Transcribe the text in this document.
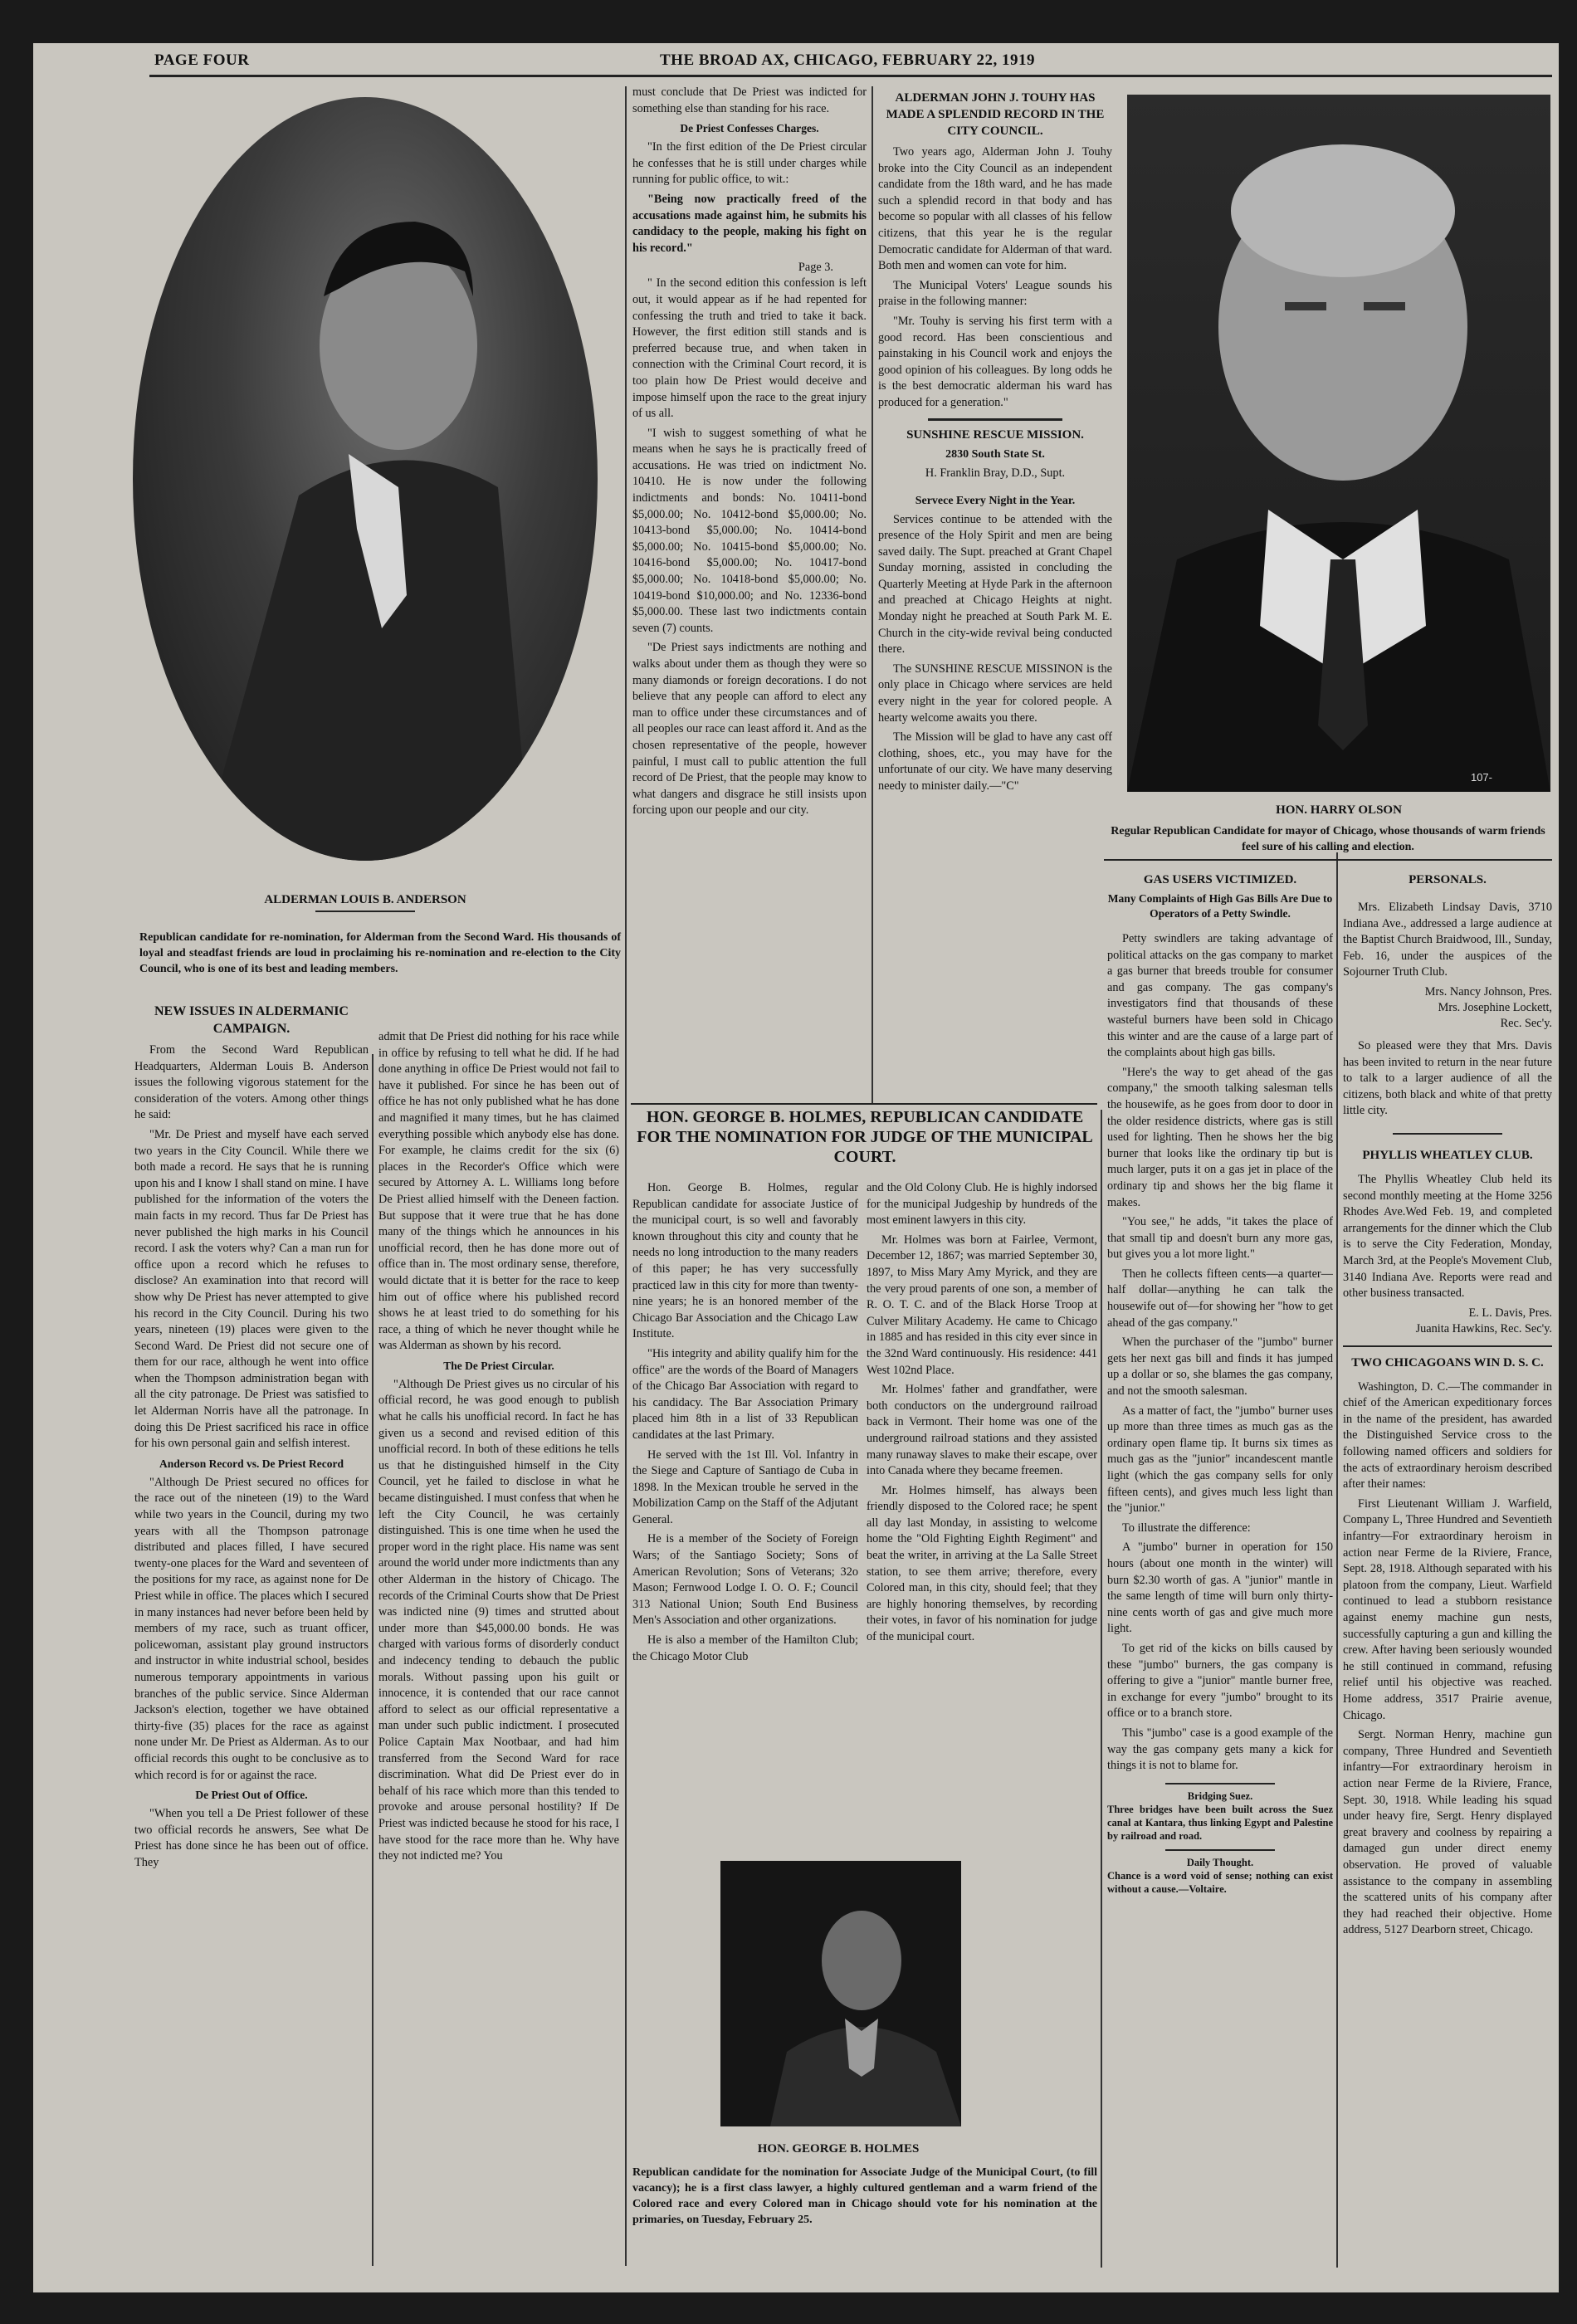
PAGE FOUR	THE BROAD AX, CHICAGO, FEBRUARY 22, 1919
ALDERMAN LOUIS B. ANDERSON
Republican candidate for re-nomination, for Alderman from the Second Ward. His thousands of loyal and steadfast friends are loud in proclaiming his re-nomination and re-election to the City Council, who is one of its best and leading members.
NEW ISSUES IN ALDERMANIC CAMPAIGN.

From the Second Ward Republican Headquarters, Alderman Louis B. Anderson issues the following vigorous statement for the consideration of the voters. Among other things he said:

"Mr. De Priest and myself have each served two years in the City Council. While there we both made a record. He says that he is running upon his and I know I shall stand on mine. I have published for the information of the voters the main facts in my record. Thus far De Priest has never published the high marks in his Council record. I ask the voters why? Can a man run for office upon a record which he refuses to disclose? An examination into that record will show why De Priest has never attempted to give his record in the City Council. During his two years, nineteen (19) places were given to the Second Ward. De Priest did not secure one of them for our race, although he went into office when the Thompson administration began with all the city patronage. De Priest was satisfied to let Alderman Norris have all the patronage. In doing this De Priest sacrificed his race in office for his own personal gain and selfish interest.

Anderson Record vs. De Priest Record

"Although De Priest secured no offices for the race out of the nineteen (19) to the Ward while two years in the Council, during my two years with all the Thompson patronage distributed and places filled, I have secured twenty-one places for the Ward and seventeen of the positions for my race, as against none for De Priest while in office. The places which I secured in many instances had never before been held by members of my race, such as truant officer, policewoman, assistant play ground instructors and instructor in white industrial school, besides numerous temporary appointments in various branches of the public service. Since Alderman Jackson's election, together we have obtained thirty-five (35) places for the race as against none under Mr. De Priest as Alderman. As to our official records this ought to be conclusive as to which record is for or against the race.

De Priest Out of Office.

"When you tell a De Priest follower of these two official records he answers, See what De Priest has done since he has been out of office. They

admit that De Priest did nothing for his race while in office by refusing to tell what he did. If he had done anything in office De Priest would not fail to have it published. For since he has been out of office he has not only published what he has done and magnified it many times, but he has claimed everything possible which anybody else has done. For example, he claims credit for the six (6) places in the Recorder's Office which were secured by Attorney A. L. Williams long before De Priest allied himself with the Deneen faction. But suppose that it were true that he has done many of the things which he announces in his unofficial record, then he has done more out of office than in. The most ordinary sense, therefore, would dictate that it is better for the race to keep him out of office where his published record shows he at least tried to do something for his race, a thing of which he never thought while he was Alderman as shown by his record.

The De Priest Circular.

"Although De Priest gives us no circular of his official record, he was good enough to publish what he calls his unofficial record. In fact he has given us a second and revised edition of this unofficial record. In both of these editions he tells us that he distinguished himself in the City Council, yet he failed to disclose in what he became distinguished. I must confess that when he left the City Council, he was certainly distinguished. This is one time when he used the proper word in the right place. His name was sent around the world under more indictments than any other Alderman in the history of Chicago. The records of the Criminal Courts show that De Priest was indicted nine (9) times and strutted about under more than $45,000.00 bonds. He was charged with various forms of disorderly conduct and indecency tending to debauch the public morals. Without passing upon his guilt or innocence, it is contended that our race cannot afford to select as our official representative a man under such public indictment. I prosecuted Police Captain Max Nootbaar, and had him transferred from the Second Ward for race discrimination. What did De Priest ever do in behalf of his race which more than this tended to provoke and arouse personal hostility? If De Priest was indicted because he stood for his race, I have stood for the race more than he. Why have they not indicted me? You

must conclude that De Priest was indicted for something else than standing for his race.

De Priest Confesses Charges.

"In the first edition of the De Priest circular he confesses that he is still under charges while running for public office, to wit.:

"Being now practically freed of the accusations made against him, he submits his candidacy to the people, making his fight on his record."

Page 3.

" In the second edition this confession is left out, it would appear as if he had repented for confessing the truth and tried to take it back. However, the first edition still stands and is preferred because true, and when taken in connection with the Criminal Court record, it is too plain how De Priest would deceive and impose himself upon the race to the great injury of us all.

"I wish to suggest something of what he means when he says he is practically freed of accusations. He was tried on indictment No. 10410. He is now under the following indictments and bonds: No. 10411-bond $5,000.00; No. 10412-bond $5,000.00; No. 10413-bond $5,000.00; No. 10414-bond $5,000.00; No. 10415-bond $5,000.00; No. 10416-bond $5,000.00; No. 10417-bond $5,000.00; No. 10418-bond $5,000.00; No. 10419-bond $10,000.00; and No. 12336-bond $5,000.00. These last two indictments contain seven (7) counts.

"De Priest says indictments are nothing and walks about under them as though they were so many diamonds or foreign decorations. I do not believe that any people can afford to elect any man to office under these circumstances and of all peoples our race can least afford it. And as the chosen representative of the people, however painful, I must call to public attention the full record of De Priest, that the people may know to what dangers and disgrace he still insists upon forcing upon our people and our city.

ALDERMAN JOHN J. TOUHY HAS MADE A SPLENDID RECORD IN THE CITY COUNCIL.

Two years ago, Alderman John J. Touhy broke into the City Council as an independent candidate from the 18th ward, and he has made such a splendid record in that body and has become so popular with all classes of his fellow citizens, that this year he is the regular Democratic candidate for Alderman of that ward. Both men and women can vote for him.

The Municipal Voters' League sounds his praise in the following manner:

"Mr. Touhy is serving his first term with a good record. Has been conscientious and painstaking in his Council work and enjoys the good opinion of his colleagues. By long odds he is the best democratic alderman his ward has produced for a generation."

SUNSHINE RESCUE MISSION.
2830 South State St.
H. Franklin Bray, D.D., Supt.
Servece Every Night in the Year.

Services continue to be attended with the presence of the Holy Spirit and men are being saved daily. The Supt. preached at Grant Chapel Sunday morning, assisted in concluding the Quarterly Meeting at Hyde Park in the afternoon and preached at Chicago Heights at night. Monday night he preached at South Park M. E. Church in the city-wide revival being conducted there.

The SUNSHINE RESCUE MISSINON is the only place in Chicago where services are held every night in the year for colored people. A hearty welcome awaits you there.

The Mission will be glad to have any cast off clothing, shoes, etc., you may have for the unfortunate of our city. We have many deserving needy to minister daily.—"C"

107-
HON. HARRY OLSON
Regular Republican Candidate for mayor of Chicago, whose thousands of warm friends feel sure of his calling and election.
HON. GEORGE B. HOLMES, REPUBLICAN CANDIDATE FOR THE NOMINATION FOR JUDGE OF THE MUNICIPAL COURT.

Hon. George B. Holmes, regular Republican candidate for associate Justice of the municipal court, is so well and favorably known throughout this city and county that he needs no long introduction to the many readers of this paper; he has very successfully practiced law in this city for more than twenty-nine years; he is an honored member of the Chicago Bar Association and the Chicago Law Institute.

"His integrity and ability qualify him for the office" are the words of the Board of Managers of the Chicago Bar Association with regard to his candidacy. The Bar Association Primary placed him 8th in a list of 33 Republican candidates at the last Primary.

He served with the 1st Ill. Vol. Infantry in the Siege and Capture of Santiago de Cuba in 1898. In the Mexican trouble he served in the Mobilization Camp on the Staff of the Adjutant General.

He is a member of the Society of Foreign Wars; of the Santiago Society; Sons of American Revolution; Sons of Veterans; 32o Mason; Fernwood Lodge I. O. O. F.; Council 313 National Union; South End Business Men's Association and other organizations.

He is also a member of the Hamilton Club; the Chicago Motor Club

and the Old Colony Club. He is highly indorsed for the municipal Judgeship by hundreds of the most eminent lawyers in this city.

Mr. Holmes was born at Fairlee, Vermont, December 12, 1867; was married September 30, 1897, to Miss Mary Amy Myrick, and they are the very proud parents of one son, a member of R. O. T. C. and of the Black Horse Troop at Culver Military Academy. He came to Chicago in 1885 and has resided in this city ever since in the 32nd Ward continuously. His residence: 441 West 102nd Place.

Mr. Holmes' father and grandfather, were both conductors on the underground railroad back in Vermont. Their home was one of the underground railroad stations and they assisted many runaway slaves to make their escape, over into Canada where they became freemen.

Mr. Holmes himself, has always been friendly disposed to the Colored race; he spent all day last Monday, in assisting to welcome home the "Old Fighting Eighth Regiment" and beat the writer, in arriving at the La Salle Street station, to see them arrive; therefore, every Colored man, in this city, should feel; that they are highly honoring themselves, by recording their votes, in favor of his nomination for judge of the municipal court.

HON. GEORGE B. HOLMES
Republican candidate for the nomination for Associate Judge of the Municipal Court, (to fill vacancy); he is a first class lawyer, a highly cultured gentleman and a warm friend of the Colored race and every Colored man in Chicago should vote for his nomination at the primaries, on Tuesday, February 25.
GAS USERS VICTIMIZED.
Many Complaints of High Gas Bills Are Due to Operators of a Petty Swindle.

Petty swindlers are taking advantage of political attacks on the gas company to market a gas burner that breeds trouble for consumer and gas company. The gas company's investigators find that thousands of these wasteful burners have been sold in Chicago this winter and are the cause of a large part of the complaints about high gas bills.

"Here's the way to get ahead of the gas company," the smooth talking salesman tells the housewife, as he goes from door to door in the older residence districts, where gas is still used for lighting. Then he shows her the big burner that looks like the ordinary tip but is much larger, puts it on a gas jet in place of the ordinary tip and shows her the big flame it makes.

"You see," he adds, "it takes the place of that small tip and doesn't burn any more gas, but gives you a lot more light."

Then he collects fifteen cents—a quarter—half dollar—anything he can talk the housewife out of—for showing her "how to get ahead of the gas company."

When the purchaser of the "jumbo" burner gets her next gas bill and finds it has jumped up a dollar or so, she blames the gas company, and not the smooth salesman.

As a matter of fact, the "jumbo" burner uses up more than three times as much gas as the ordinary open flame tip. It burns six times as much gas as the "junior" incandescent mantle light (which the gas company sells for only fifteen cents), and gives much less light than the "junior."

To illustrate the difference:

A "jumbo" burner in operation for 150 hours (about one month in the winter) will burn $2.30 worth of gas. A "junior" mantle in the same length of time will burn only thirty-nine cents worth of gas and give much more light.

To get rid of the kicks on bills caused by these "jumbo" burners, the gas company is offering to give a "junior" mantle burner free, in exchange for every "jumbo" brought to its office or to a branch store.

This "jumbo" case is a good example of the way the gas company gets many a kick for things it is not to blame for.

Bridging Suez.
Three bridges have been built across the Suez canal at Kantara, thus linking Egypt and Palestine by railroad and road.
Daily Thought.
Chance is a word void of sense; nothing can exist without a cause.—Voltaire.
PERSONALS.

Mrs. Elizabeth Lindsay Davis, 3710 Indiana Ave., addressed a large audience at the Baptist Church Braidwood, Ill., Sunday, Feb. 16, under the auspices of the Sojourner Truth Club.

Mrs. Nancy Johnson, Pres.

Mrs. Josephine Lockett,

Rec. Sec'y.

So pleased were they that Mrs. Davis has been invited to return in the near future to talk to a larger audience of all the citizens, both black and white of that pretty little city.

PHYLLIS WHEATLEY CLUB.

The Phyllis Wheatley Club held its second monthly meeting at the Home 3256 Rhodes Ave.Wed Feb. 19, and completed arrangements for the dinner which the Club is to serve the City Federation, Monday, March 3rd, at the People's Movement Club, 3140 Indiana Ave. Reports were read and other business transacted.

E. L. Davis, Pres.

Juanita Hawkins, Rec. Sec'y.

TWO CHICAGOANS WIN D. S. C.

Washington, D. C.—The commander in chief of the American expeditionary forces in the name of the president, has awarded the Distinguished Service cross to the following named officers and soldiers for the acts of extraordinary heroism described after their names:

First Lieutenant William J. Warfield, Company L, Three Hundred and Seventieth infantry—For extraordinary heroism in action near Ferme de la Riviere, France, Sept. 28, 1918. Although separated with his platoon from the company, Lieut. Warfield continued to lead a stubborn resistance against enemy machine gun nests, successfully capturing a gun and killing the crew. After having been seriously wounded he still continued in command, refusing relief until his objective was reached. Home address, 3517 Prairie avenue, Chicago.

Sergt. Norman Henry, machine gun company, Three Hundred and Seventieth infantry—For extraordinary heroism in action near Ferme de la Riviere, France, Sept. 30, 1918. While leading his squad under heavy fire, Sergt. Henry displayed great bravery and coolness by repairing a damaged gun under direct enemy observation. He proved of valuable assistance to the company in assembling the scattered units of his company after they had reached their objective. Home address, 5127 Dearborn street, Chicago.
